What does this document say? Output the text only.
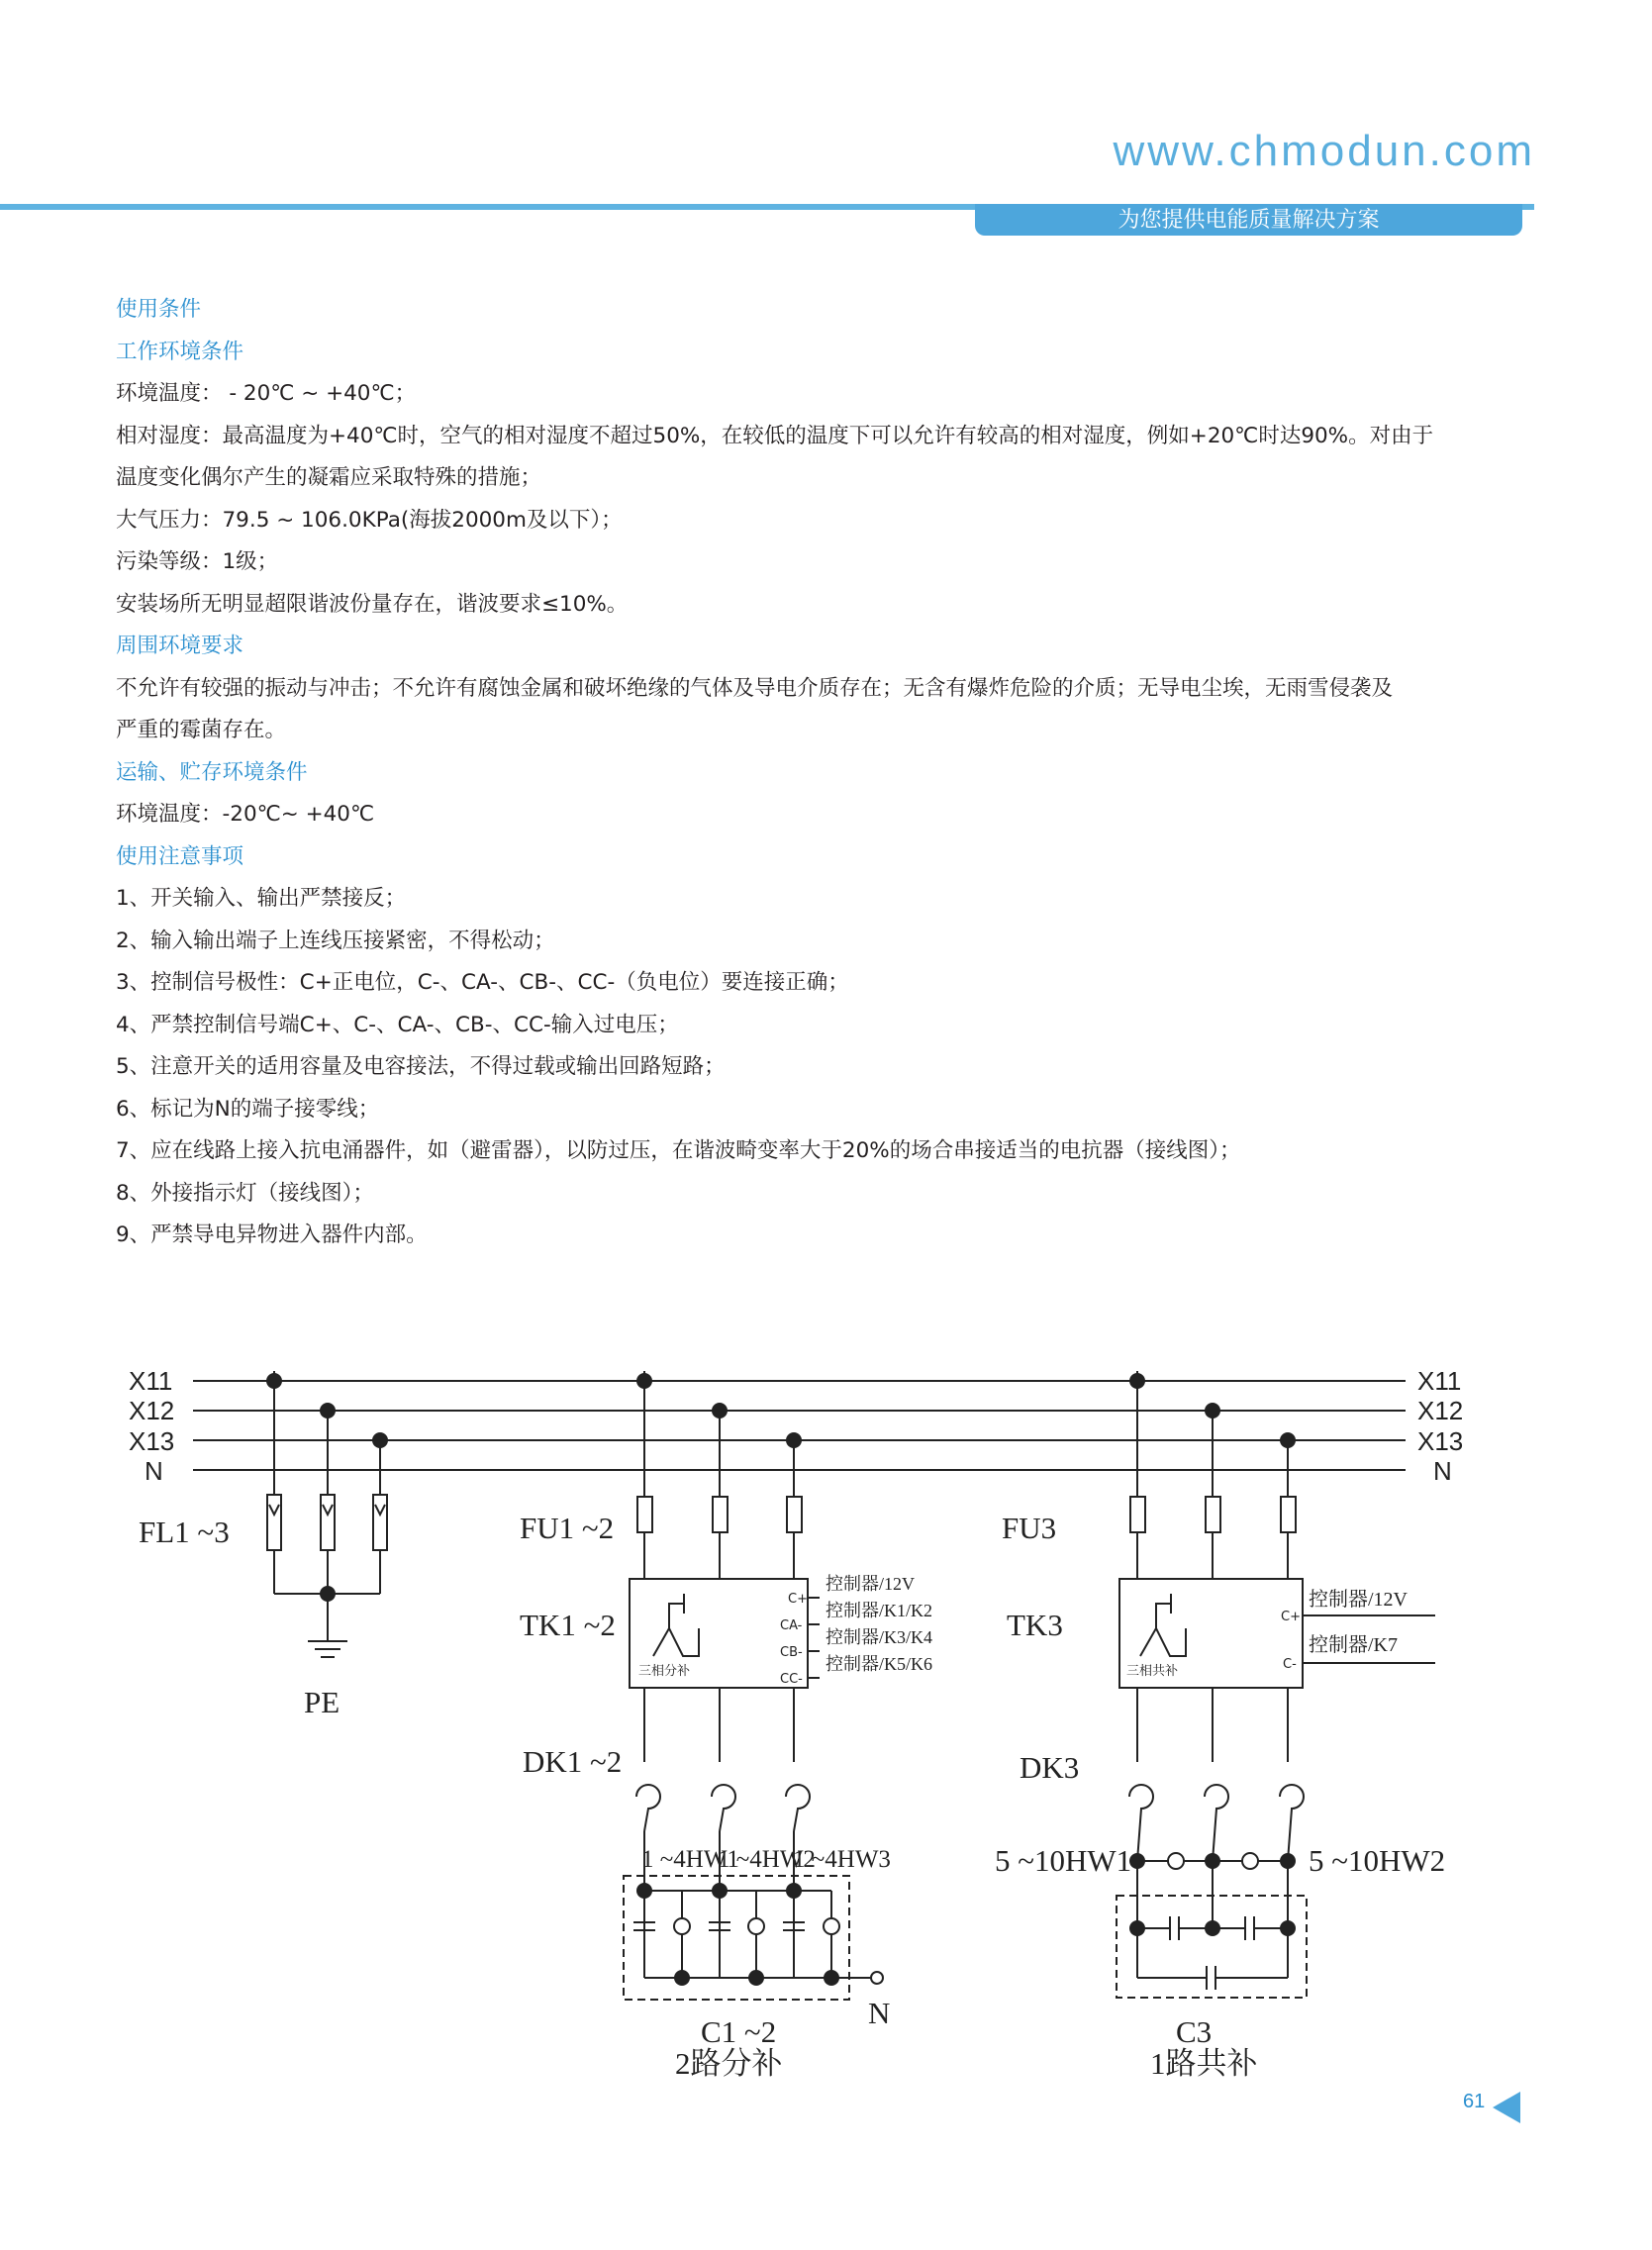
www.chmodun.com
为您提供电能质量解决方案
使用条件
工作环境条件
环境温度： - 20℃ ~ +40℃；
相对湿度：最高温度为+40℃时，空气的相对湿度不超过50%，在较低的温度下可以允许有较高的相对湿度，例如+20℃时达90%。对由于
温度变化偶尔产生的凝霜应采取特殊的措施；
大气压力：79.5 ~ 106.0KPa(海拔2000m及以下）；
污染等级：1级；
安装场所无明显超限谐波份量存在，谐波要求≤10%。
周围环境要求
不允许有较强的振动与冲击；不允许有腐蚀金属和破坏绝缘的气体及导电介质存在；无含有爆炸危险的介质；无导电尘埃，无雨雪侵袭及
严重的霉菌存在。
运输、贮存环境条件
环境温度：-20℃~ +40℃
使用注意事项
1、开关输入、输出严禁接反；
2、输入输出端子上连线压接紧密，不得松动；
3、控制信号极性：C+正电位，C-、CA-、CB-、CC-（负电位）要连接正确；
4、严禁控制信号端C+、C-、CA-、CB-、CC-输入过电压；
5、注意开关的适用容量及电容接法，不得过载或输出回路短路；
6、标记为N的端子接零线；
7、应在线路上接入抗电涌器件，如（避雷器），以防过压，在谐波畸变率大于20%的场合串接适当的电抗器（接线图）；
8、外接指示灯（接线图）；
9、严禁导电异物进入器件内部。
X11
X12
X13
N
X11
X12
X13
N
FL1 ~3
PE
FU1 ~2
TK1 ~2
DK1 ~2
C1 ~2
2路分补
N
1 ~4HW1
1 ~4HW2
1 ~4HW3
三相分补
C+
CA-
CB-
CC-
控制器/12V
控制器/K1/K2
控制器/K3/K4
控制器/K5/K6
FU3
TK3
DK3
5 ~10HW1	5 ~10HW2
C3
1路共补
三相共补
C+
C-
控制器/12V
控制器/K7
61
